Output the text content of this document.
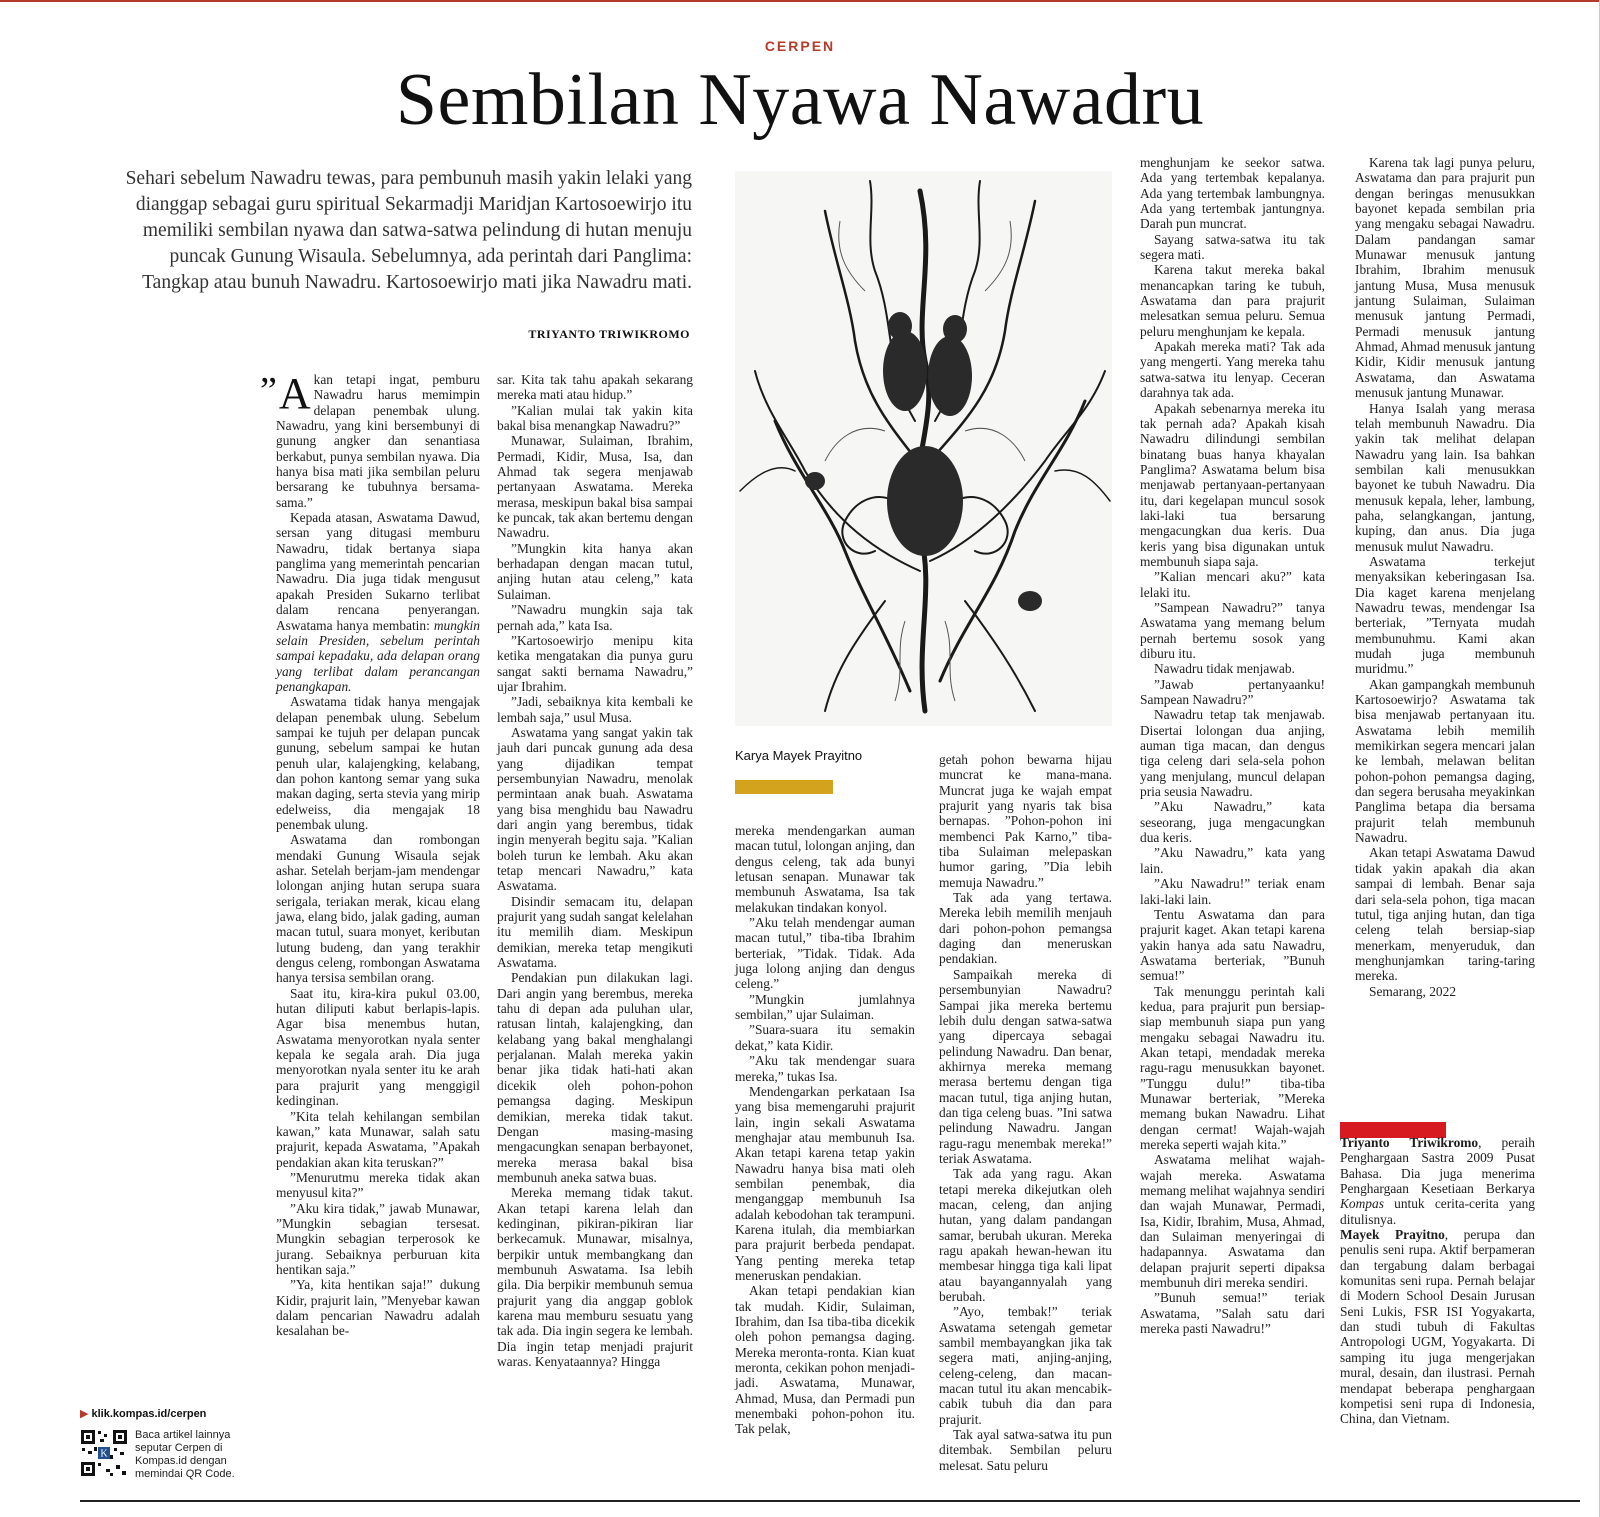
CERPEN
Sembilan Nyawa Nawadru

Sehari sebelum Nawadru tewas, para pembunuh masih yakin lelaki yang dianggap sebagai guru spiritual Sekarmadji Maridjan Kartosoewirjo itu memiliki sembilan nyawa dan satwa-satwa pelindung di hutan menuju puncak Gunung Wisaula. Sebelumnya, ada perintah dari Panglima: Tangkap atau bunuh Nawadru. Kartosoewirjo mati jika Nawadru mati.

TRIYANTO TRIWIKROMO

” A kan tetapi ingat, pemburu Nawadru harus memimpin delapan penembak ulung. Nawadru, yang kini bersembunyi di gunung angker dan senantiasa berkabut, punya sembilan nyawa. Dia hanya bisa mati jika sembilan peluru bersarang ke tubuhnya bersama-sama.”

Kepada atasan, Aswatama Dawud, sersan yang ditugasi memburu Nawadru, tidak bertanya siapa panglima yang memerintah pencarian Nawadru. Dia juga tidak mengusut apakah Presiden Sukarno terlibat dalam rencana penyerangan. Aswatama hanya membatin: mungkin selain Presiden, sebelum perintah sampai kepadaku, ada delapan orang yang terlibat dalam perancangan penangkapan.

Aswatama tidak hanya mengajak delapan penembak ulung. Sebelum sampai ke tujuh per delapan puncak gunung, sebelum sampai ke hutan penuh ular, kalajengking, kelabang, dan pohon kantong semar yang suka makan daging, serta stevia yang mirip edelweiss, dia mengajak 18 penembak ulung.

Aswatama dan rombongan mendaki Gunung Wisaula sejak ashar. Setelah berjam-jam mendengar lolongan anjing hutan serupa suara serigala, teriakan merak, kicau elang jawa, elang bido, jalak gading, auman macan tutul, suara monyet, keributan lutung budeng, dan yang terakhir dengus celeng, rombongan Aswatama hanya tersisa sembilan orang.

Saat itu, kira-kira pukul 03.00, hutan diliputi kabut berlapis-lapis. Agar bisa menembus hutan, Aswatama menyorotkan nyala senter kepala ke segala arah. Dia juga menyorotkan nyala senter itu ke arah para prajurit yang menggigil kedinginan.

”Kita telah kehilangan sembilan kawan,” kata Munawar, salah satu prajurit, kepada Aswatama, ”Apakah pendakian akan kita teruskan?”

”Menurutmu mereka tidak akan menyusul kita?”

”Aku kira tidak,” jawab Munawar, ”Mungkin sebagian tersesat. Mungkin sebagian terperosok ke jurang. Sebaiknya perburuan kita hentikan saja.”

”Ya, kita hentikan saja!” dukung Kidir, prajurit lain, ”Menyebar kawan dalam pencarian Nawadru adalah kesalahan be-

sar. Kita tak tahu apakah sekarang mereka mati atau hidup.”

”Kalian mulai tak yakin kita bakal bisa menangkap Nawadru?”

Munawar, Sulaiman, Ibrahim, Permadi, Kidir, Musa, Isa, dan Ahmad tak segera menjawab pertanyaan Aswatama. Mereka merasa, meskipun bakal bisa sampai ke puncak, tak akan bertemu dengan Nawadru.

”Mungkin kita hanya akan berhadapan dengan macan tutul, anjing hutan atau celeng,” kata Sulaiman.

”Nawadru mungkin saja tak pernah ada,” kata Isa.

”Kartosoewirjo menipu kita ketika mengatakan dia punya guru sangat sakti bernama Nawadru,” ujar Ibrahim.

”Jadi, sebaiknya kita kembali ke lembah saja,” usul Musa.

Aswatama yang sangat yakin tak jauh dari puncak gunung ada desa yang dijadikan tempat persembunyian Nawadru, menolak permintaan anak buah. Aswatama yang bisa menghidu bau Nawadru dari angin yang berembus, tidak ingin menyerah begitu saja. ”Kalian boleh turun ke lembah. Aku akan tetap mencari Nawadru,” kata Aswatama.

Disindir semacam itu, delapan prajurit yang sudah sangat kelelahan itu memilih diam. Meskipun demikian, mereka tetap mengikuti Aswatama.

Pendakian pun dilakukan lagi. Dari angin yang berembus, mereka tahu di depan ada puluhan ular, ratusan lintah, kalajengking, dan kelabang yang bakal menghalangi perjalanan. Malah mereka yakin benar jika tidak hati-hati akan dicekik oleh pohon-pohon pemangsa daging. Meskipun demikian, mereka tidak takut. Dengan masing-masing mengacungkan senapan berbayonet, mereka merasa bakal bisa membunuh aneka satwa buas.

Mereka memang tidak takut. Akan tetapi karena lelah dan kedinginan, pikiran-pikiran liar berkecamuk. Munawar, misalnya, berpikir untuk membangkang dan membunuh Aswatama. Isa lebih gila. Dia berpikir membunuh semua prajurit yang dia anggap goblok karena mau memburu sesuatu yang tak ada. Dia ingin segera ke lembah. Dia ingin tetap menjadi prajurit waras. Kenyataannya? Hingga

Karya Mayek Prayitno

mereka mendengarkan auman macan tutul, lolongan anjing, dan dengus celeng, tak ada bunyi letusan senapan. Munawar tak membunuh Aswatama, Isa tak melakukan tindakan konyol.

”Aku telah mendengar auman macan tutul,” tiba-tiba Ibrahim berteriak, ”Tidak. Tidak. Ada juga lolong anjing dan dengus celeng.”

”Mungkin jumlahnya sembilan,” ujar Sulaiman.

”Suara-suara itu semakin dekat,” kata Kidir.

”Aku tak mendengar suara mereka,” tukas Isa.

Mendengarkan perkataan Isa yang bisa memengaruhi prajurit lain, ingin sekali Aswatama menghajar atau membunuh Isa. Akan tetapi karena tetap yakin Nawadru hanya bisa mati oleh sembilan penembak, dia menganggap membunuh Isa adalah kebodohan tak terampuni. Karena itulah, dia membiarkan para prajurit berbeda pendapat. Yang penting mereka tetap meneruskan pendakian.

Akan tetapi pendakian kian tak mudah. Kidir, Sulaiman, Ibrahim, dan Isa tiba-tiba dicekik oleh pohon pemangsa daging. Mereka meronta-ronta. Kian kuat meronta, cekikan pohon menjadi-jadi. Aswatama, Munawar, Ahmad, Musa, dan Permadi pun menembaki pohon-pohon itu. Tak pelak,

getah pohon bewarna hijau muncrat ke mana-mana. Muncrat juga ke wajah empat prajurit yang nyaris tak bisa bernapas. ”Pohon-pohon ini membenci Pak Karno,” tiba-tiba Sulaiman melepaskan humor garing, ”Dia lebih memuja Nawadru.”

Tak ada yang tertawa. Mereka lebih memilih menjauh dari pohon-pohon pemangsa daging dan meneruskan pendakian.

Sampaikah mereka di persembunyian Nawadru? Sampai jika mereka bertemu lebih dulu dengan satwa-satwa yang dipercaya sebagai pelindung Nawadru. Dan benar, akhirnya mereka memang merasa bertemu dengan tiga macan tutul, tiga anjing hutan, dan tiga celeng buas. ”Ini satwa pelindung Nawadru. Jangan ragu-ragu menembak mereka!” teriak Aswatama.

Tak ada yang ragu. Akan tetapi mereka dikejutkan oleh macan, celeng, dan anjing hutan, yang dalam pandangan samar, berubah ukuran. Mereka ragu apakah hewan-hewan itu membesar hingga tiga kali lipat atau bayangannyalah yang berubah.

”Ayo, tembak!” teriak Aswatama setengah gemetar sambil membayangkan jika tak segera mati, anjing-anjing, celeng-celeng, dan macan-macan tutul itu akan mencabik-cabik tubuh dia dan para prajurit.

Tak ayal satwa-satwa itu pun ditembak. Sembilan peluru melesat. Satu peluru

menghunjam ke seekor satwa. Ada yang tertembak kepalanya. Ada yang tertembak lambungnya. Ada yang tertembak jantungnya. Darah pun muncrat.

Sayang satwa-satwa itu tak segera mati.

Karena takut mereka bakal menancapkan taring ke tubuh, Aswatama dan para prajurit melesatkan semua peluru. Semua peluru menghunjam ke kepala.

Apakah mereka mati? Tak ada yang mengerti. Yang mereka tahu satwa-satwa itu lenyap. Ceceran darahnya tak ada.

Apakah sebenarnya mereka itu tak pernah ada? Apakah kisah Nawadru dilindungi sembilan binatang buas hanya khayalan Panglima? Aswatama belum bisa menjawab pertanyaan-pertanyaan itu, dari kegelapan muncul sosok laki-laki tua bersarung mengacungkan dua keris. Dua keris yang bisa digunakan untuk membunuh siapa saja.

”Kalian mencari aku?” kata lelaki itu.

”Sampean Nawadru?” tanya Aswatama yang memang belum pernah bertemu sosok yang diburu itu.

Nawadru tidak menjawab.

”Jawab pertanyaanku! Sampean Nawadru?”

Nawadru tetap tak menjawab. Disertai lolongan dua anjing, auman tiga macan, dan dengus tiga celeng dari sela-sela pohon yang menjulang, muncul delapan pria seusia Nawadru.

”Aku Nawadru,” kata seseorang, juga mengacungkan dua keris.

”Aku Nawadru,” kata yang lain.

”Aku Nawadru!” teriak enam laki-laki lain.

Tentu Aswatama dan para prajurit kaget. Akan tetapi karena yakin hanya ada satu Nawadru, Aswatama berteriak, ”Bunuh semua!”

Tak menunggu perintah kali kedua, para prajurit pun bersiap-siap membunuh siapa pun yang mengaku sebagai Nawadru itu. Akan tetapi, mendadak mereka ragu-ragu menusukkan bayonet. ”Tunggu dulu!” tiba-tiba Munawar berteriak, ”Mereka memang bukan Nawadru. Lihat dengan cermat! Wajah-wajah mereka seperti wajah kita.”

Aswatama melihat wajah-wajah mereka. Aswatama memang melihat wajahnya sendiri dan wajah Munawar, Permadi, Isa, Kidir, Ibrahim, Musa, Ahmad, dan Sulaiman menyeringai di hadapannya. Aswatama dan delapan prajurit seperti dipaksa membunuh diri mereka sendiri.

”Bunuh semua!” teriak Aswatama, ”Salah satu dari mereka pasti Nawadru!”

Karena tak lagi punya peluru, Aswatama dan para prajurit pun dengan beringas menusukkan bayonet kepada sembilan pria yang mengaku sebagai Nawadru. Dalam pandangan samar Munawar menusuk jantung Ibrahim, Ibrahim menusuk jantung Musa, Musa menusuk jantung Sulaiman, Sulaiman menusuk jantung Permadi, Permadi menusuk jantung Ahmad, Ahmad menusuk jantung Kidir, Kidir menusuk jantung Aswatama, dan Aswatama menusuk jantung Munawar.

Hanya Isalah yang merasa telah membunuh Nawadru. Dia yakin tak melihat delapan Nawadru yang lain. Isa bahkan sembilan kali menusukkan bayonet ke tubuh Nawadru. Dia menusuk kepala, leher, lambung, paha, selangkangan, jantung, kuping, dan anus. Dia juga menusuk mulut Nawadru.

Aswatama terkejut menyaksikan keberingasan Isa. Dia kaget karena menjelang Nawadru tewas, mendengar Isa berteriak, ”Ternyata mudah membunuhmu. Kami akan mudah juga membunuh muridmu.”

Akan gampangkah membunuh Kartosoewirjo? Aswatama tak bisa menjawab pertanyaan itu. Aswatama lebih memilih memikirkan segera mencari jalan ke lembah, melawan belitan pohon-pohon pemangsa daging, dan segera berusaha meyakinkan Panglima betapa dia bersama prajurit telah membunuh Nawadru.

Akan tetapi Aswatama Dawud tidak yakin apakah dia akan sampai di lembah. Benar saja dari sela-sela pohon, tiga macan tutul, tiga anjing hutan, dan tiga celeng telah bersiap-siap menerkam, menyeruduk, dan menghunjamkan taring-taring mereka.

Semarang, 2022

Triyanto Triwikromo, peraih Penghargaan Sastra 2009 Pusat Bahasa. Dia juga menerima Penghargaan Kesetiaan Berkarya Kompas untuk cerita-cerita yang ditulisnya.

Mayek Prayitno, perupa dan penulis seni rupa. Aktif berpameran dan tergabung dalam berbagai komunitas seni rupa. Pernah belajar di Modern School Desain Jurusan Seni Lukis, FSR ISI Yogyakarta, dan studi tubuh di Fakultas Antropologi UGM, Yogyakarta. Di samping itu juga mengerjakan mural, desain, dan ilustrasi. Pernah mendapat beberapa penghargaan kompetisi seni rupa di Indonesia, China, dan Vietnam.

▶ klik.kompas.id/cerpen
K
Baca artikel lainnya seputar Cerpen di Kompas.id dengan memindai QR Code.
